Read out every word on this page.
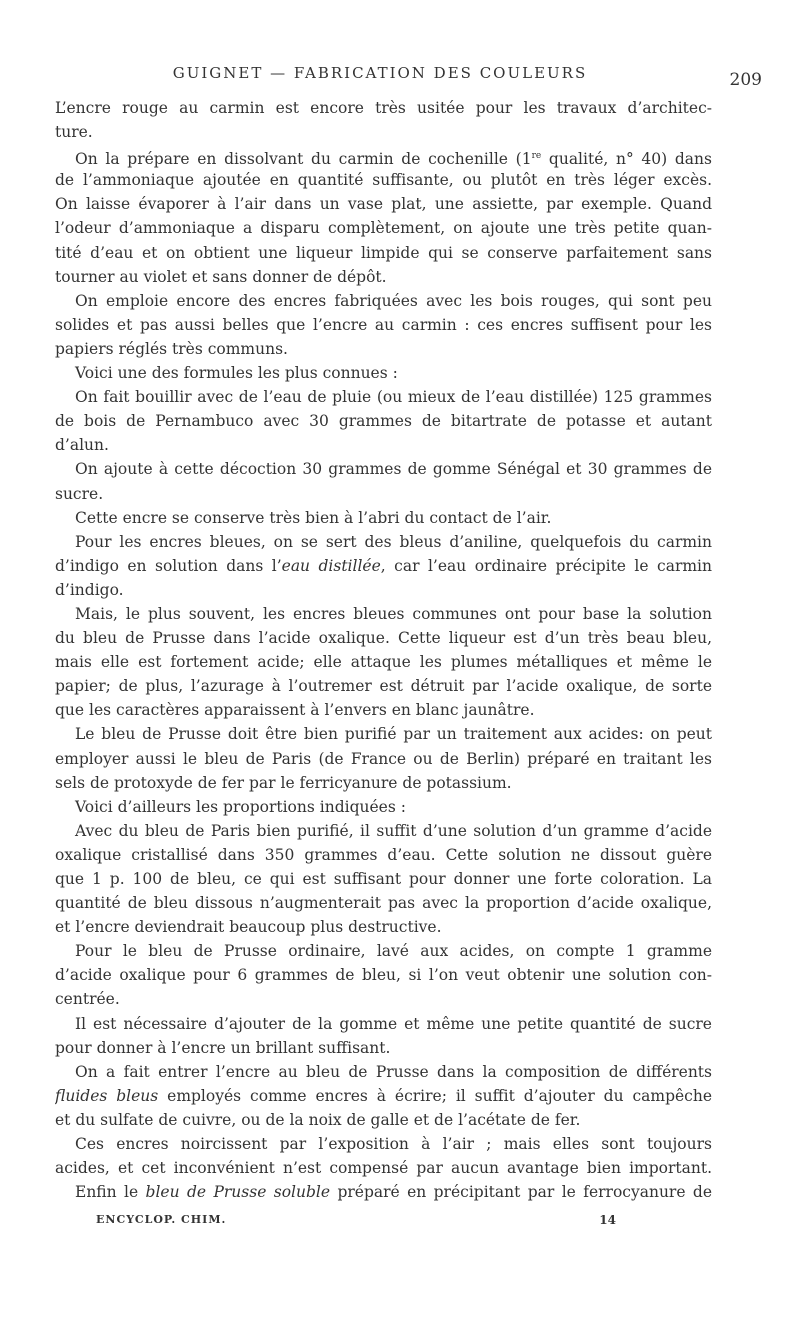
GUIGNET — FABRICATION DES COULEURS	209
L’encre rouge au carmin est encore très usitée pour les travaux d’architec-
ture.
On la prépare en dissolvant du carmin de cochenille (1re qualité, n° 40) dans
de l’ammoniaque ajoutée en quantité suffisante, ou plutôt en très léger excès.
On laisse évaporer à l’air dans un vase plat, une assiette, par exemple. Quand
l’odeur d’ammoniaque a disparu complètement, on ajoute une très petite quan-
tité d’eau et on obtient une liqueur limpide qui se conserve parfaitement sans
tourner au violet et sans donner de dépôt.
On emploie encore des encres fabriquées avec les bois rouges, qui sont peu
solides et pas aussi belles que l’encre au carmin : ces encres suffisent pour les
papiers réglés très communs.
Voici une des formules les plus connues :
On fait bouillir avec de l’eau de pluie (ou mieux de l’eau distillée) 125 grammes
de bois de Pernambuco avec 30 grammes de bitartrate de potasse et autant
d’alun.
On ajoute à cette décoction 30 grammes de gomme Sénégal et 30 grammes de
sucre.
Cette encre se conserve très bien à l’abri du contact de l’air.
Pour les encres bleues, on se sert des bleus d’aniline, quelquefois du carmin
d’indigo en solution dans l’eau distillée, car l’eau ordinaire précipite le carmin
d’indigo.
Mais, le plus souvent, les encres bleues communes ont pour base la solution
du bleu de Prusse dans l’acide oxalique. Cette liqueur est d’un très beau bleu,
mais elle est fortement acide; elle attaque les plumes métalliques et même le
papier; de plus, l’azurage à l’outremer est détruit par l’acide oxalique, de sorte
que les caractères apparaissent à l’envers en blanc jaunâtre.
Le bleu de Prusse doit être bien purifié par un traitement aux acides: on peut
employer aussi le bleu de Paris (de France ou de Berlin) préparé en traitant les
sels de protoxyde de fer par le ferricyanure de potassium.
Voici d’ailleurs les proportions indiquées :
Avec du bleu de Paris bien purifié, il suffit d’une solution d’un gramme d’acide
oxalique cristallisé dans 350 grammes d’eau. Cette solution ne dissout guère
que 1 p. 100 de bleu, ce qui est suffisant pour donner une forte coloration. La
quantité de bleu dissous n’augmenterait pas avec la proportion d’acide oxalique,
et l’encre deviendrait beaucoup plus destructive.
Pour le bleu de Prusse ordinaire, lavé aux acides, on compte 1 gramme
d’acide oxalique pour 6 grammes de bleu, si l’on veut obtenir une solution con-
centrée.
Il est nécessaire d’ajouter de la gomme et même une petite quantité de sucre
pour donner à l’encre un brillant suffisant.
On a fait entrer l’encre au bleu de Prusse dans la composition de différents
fluides bleus employés comme encres à écrire; il suffit d’ajouter du campêche
et du sulfate de cuivre, ou de la noix de galle et de l’acétate de fer.
Ces encres noircissent par l’exposition à l’air ; mais elles sont toujours
acides, et cet inconvénient n’est compensé par aucun avantage bien important.
Enfin le bleu de Prusse soluble préparé en précipitant par le ferrocyanure de
ENCYCLOP. CHIM.	14
